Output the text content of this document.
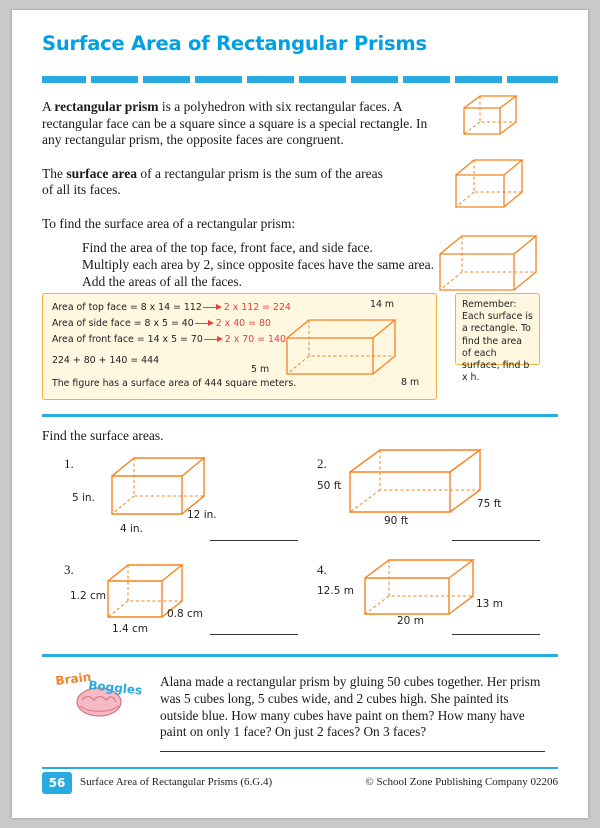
Surface Area of Rectangular Prisms

A rectangular prism is a polyhedron with six rectangular faces. A rectangular face can be a square since a square is a special rectangle. In any rectangular prism, the opposite faces are congruent.

The surface area of a rectangular prism is the sum of the areas of all its faces.

To find the surface area of a rectangular prism:

Find the area of the top face, front face, and side face.
Multiply each area by 2, since opposite faces have the same area.
Add the areas of all the faces.
Area of top face = 8 x 14 = 112 2 x 112 = 224
Area of side face = 8 x 5 = 40 2 x 40 = 80
Area of front face = 14 x 5 = 70 2 x 70 = 140
224 + 80 + 140 = 444
The figure has a surface area of 444 square meters.
14 m
5 m
8 m
Remember:
Each surface is a rectangle. To find the area of each surface, find b x h.
Find the surface areas.
1.
5 in.
4 in.
12 in.
2.
50 ft
90 ft
75 ft
3.
1.2 cm
1.4 cm
0.8 cm
4.
12.5 m
20 m
13 m
Brain
Boggles Alana made a rectangular prism by gluing 50 cubes together. Her prism was 5 cubes long, 5 cubes wide, and 2 cubes high. She painted its outside blue. How many cubes have paint on them? How many have paint on only 1 face? On just 2 faces? On 3 faces?
56	Surface Area of Rectangular Prisms (6.G.4)	© School Zone Publishing Company 02206
